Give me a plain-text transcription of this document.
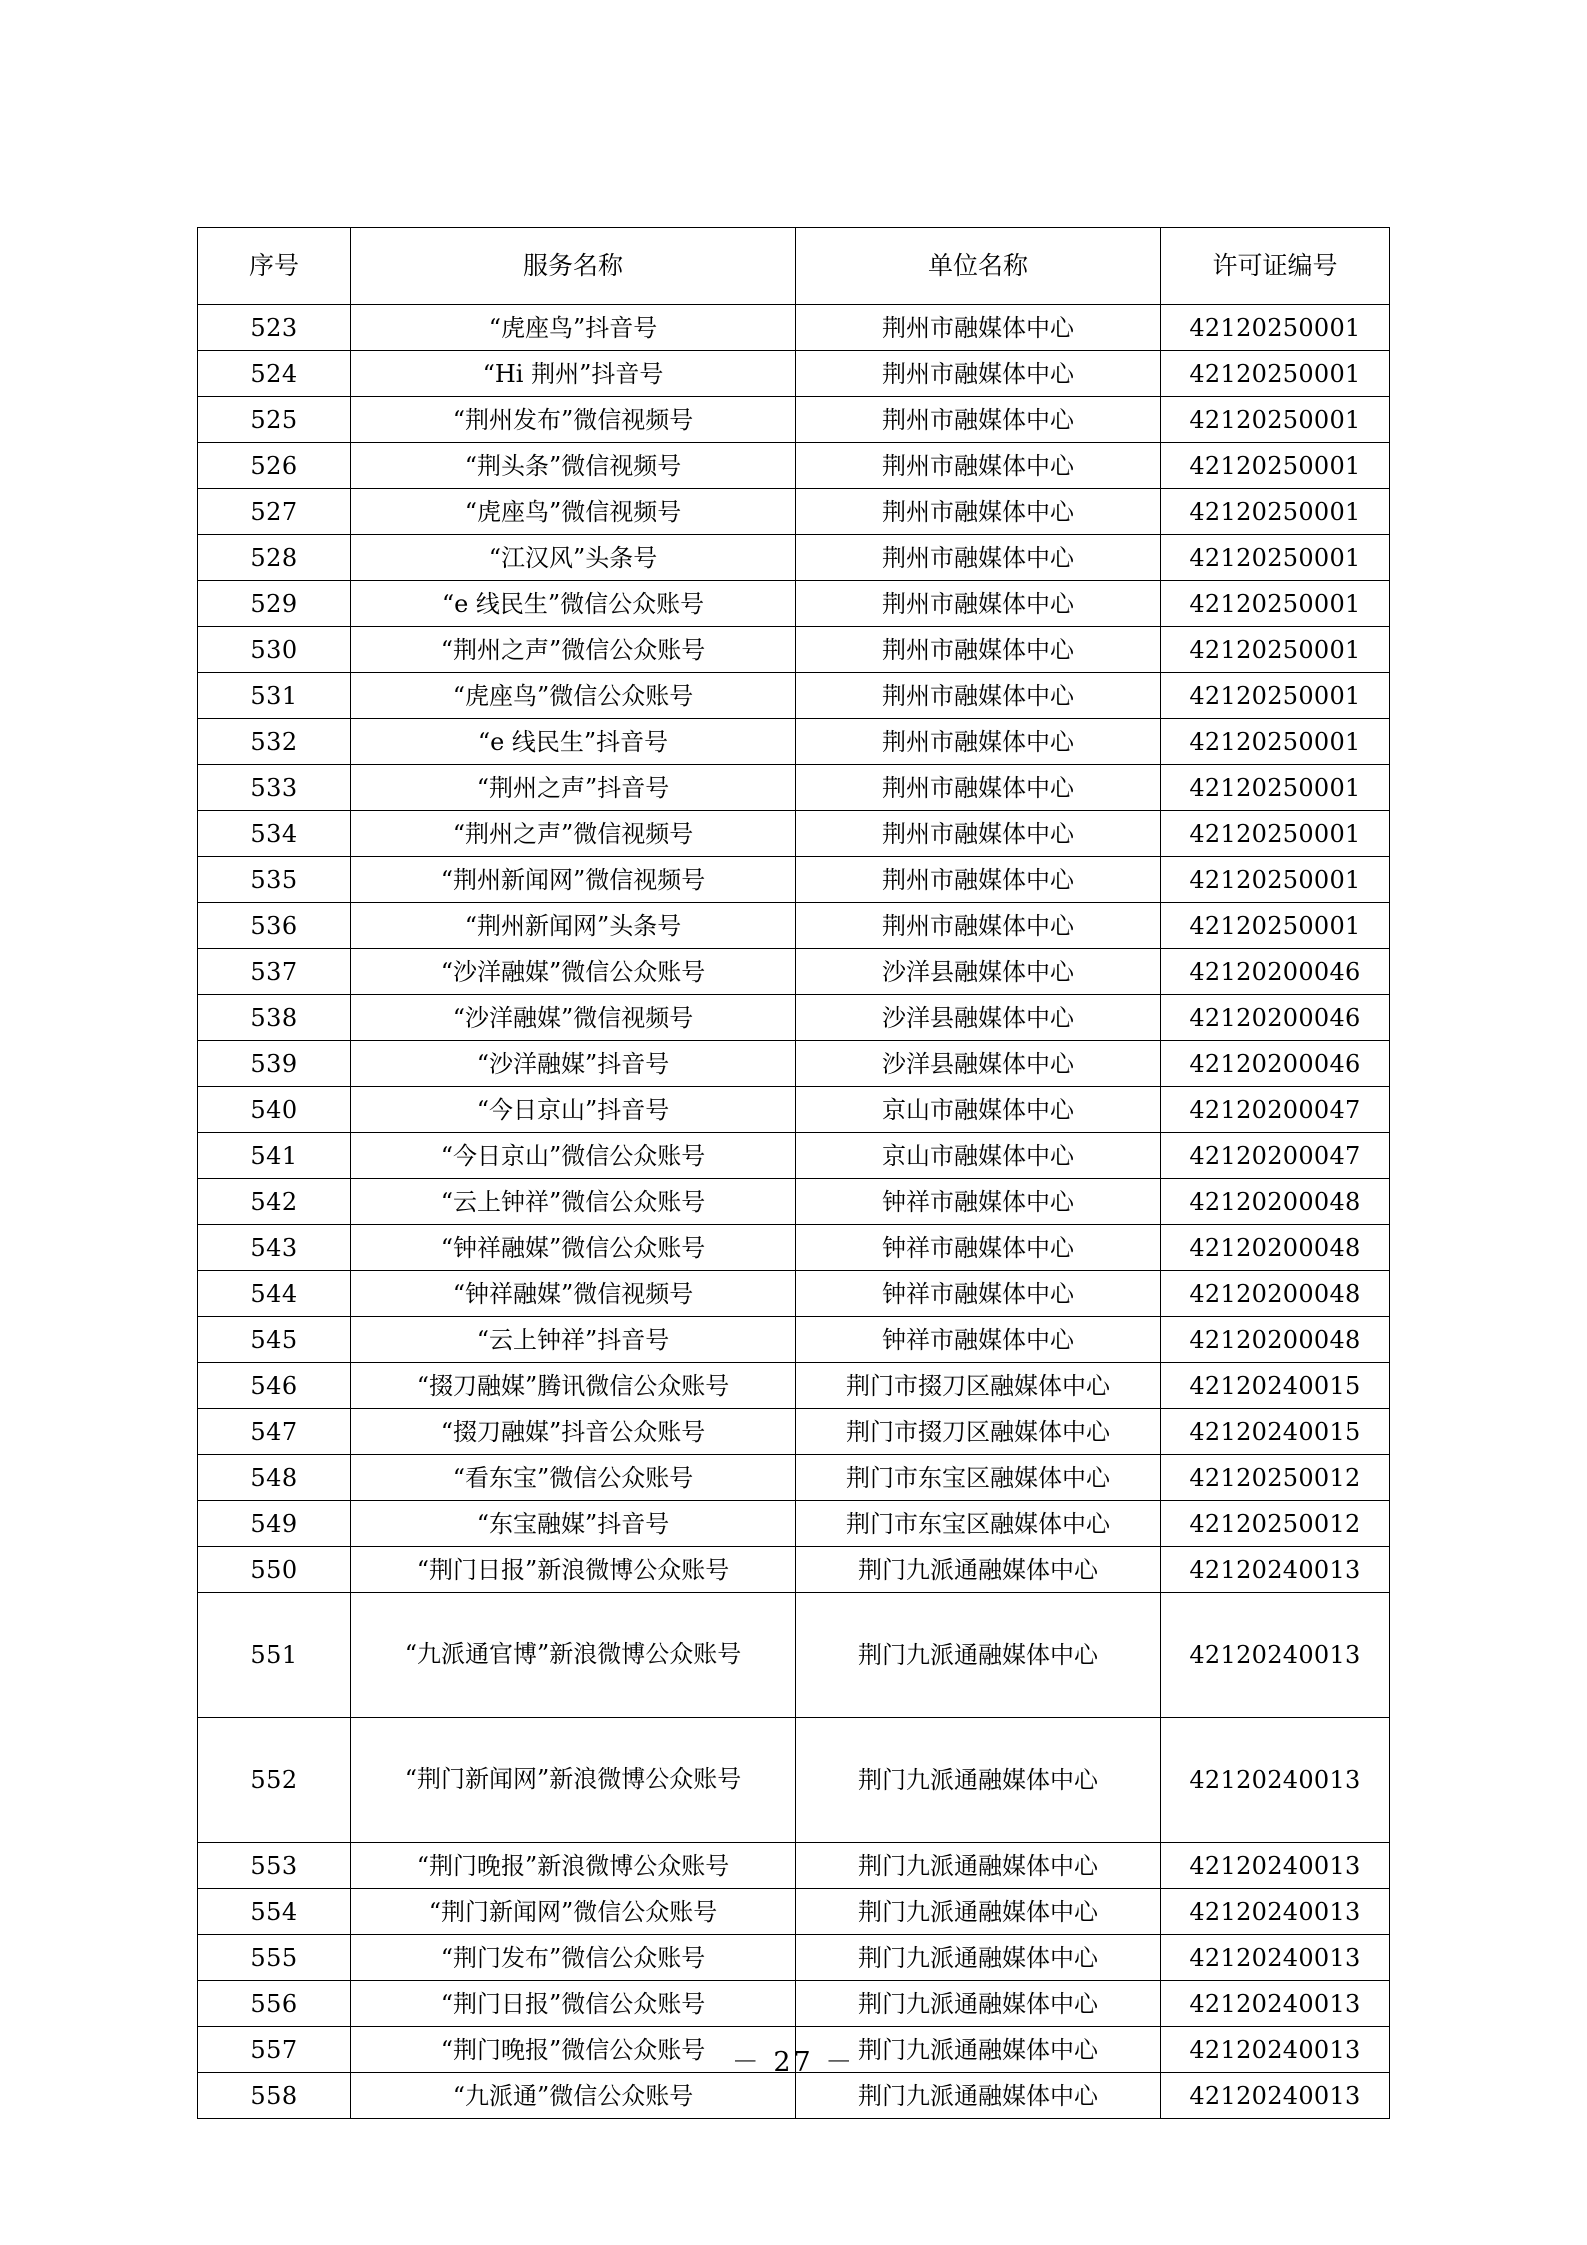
序号	服务名称	单位名称	许可证编号
523	“虎座鸟”抖音号	荆州市融媒体中心	42120250001
524	“Hi 荆州”抖音号	荆州市融媒体中心	42120250001
525	“荆州发布”微信视频号	荆州市融媒体中心	42120250001
526	“荆头条”微信视频号	荆州市融媒体中心	42120250001
527	“虎座鸟”微信视频号	荆州市融媒体中心	42120250001
528	“江汉风”头条号	荆州市融媒体中心	42120250001
529	“e 线民生”微信公众账号	荆州市融媒体中心	42120250001
530	“荆州之声”微信公众账号	荆州市融媒体中心	42120250001
531	“虎座鸟”微信公众账号	荆州市融媒体中心	42120250001
532	“e 线民生”抖音号	荆州市融媒体中心	42120250001
533	“荆州之声”抖音号	荆州市融媒体中心	42120250001
534	“荆州之声”微信视频号	荆州市融媒体中心	42120250001
535	“荆州新闻网”微信视频号	荆州市融媒体中心	42120250001
536	“荆州新闻网”头条号	荆州市融媒体中心	42120250001
537	“沙洋融媒”微信公众账号	沙洋县融媒体中心	42120200046
538	“沙洋融媒”微信视频号	沙洋县融媒体中心	42120200046
539	“沙洋融媒”抖音号	沙洋县融媒体中心	42120200046
540	“今日京山”抖音号	京山市融媒体中心	42120200047
541	“今日京山”微信公众账号	京山市融媒体中心	42120200047
542	“云上钟祥”微信公众账号	钟祥市融媒体中心	42120200048
543	“钟祥融媒”微信公众账号	钟祥市融媒体中心	42120200048
544	“钟祥融媒”微信视频号	钟祥市融媒体中心	42120200048
545	“云上钟祥”抖音号	钟祥市融媒体中心	42120200048
546	“掇刀融媒”腾讯微信公众账号	荆门市掇刀区融媒体中心	42120240015
547	“掇刀融媒”抖音公众账号	荆门市掇刀区融媒体中心	42120240015
548	“看东宝”微信公众账号	荆门市东宝区融媒体中心	42120250012
549	“东宝融媒”抖音号	荆门市东宝区融媒体中心	42120250012
550	“荆门日报”新浪微博公众账号	荆门九派通融媒体中心	42120240013
551	“九派通官博”新浪微博公众账号	荆门九派通融媒体中心	42120240013
552	“荆门新闻网”新浪微博公众账号	荆门九派通融媒体中心	42120240013
553	“荆门晚报”新浪微博公众账号	荆门九派通融媒体中心	42120240013
554	“荆门新闻网”微信公众账号	荆门九派通融媒体中心	42120240013
555	“荆门发布”微信公众账号	荆门九派通融媒体中心	42120240013
556	“荆门日报”微信公众账号	荆门九派通融媒体中心	42120240013
557	“荆门晚报”微信公众账号	荆门九派通融媒体中心	42120240013
558	“九派通”微信公众账号	荆门九派通融媒体中心	42120240013
－ 27 －
